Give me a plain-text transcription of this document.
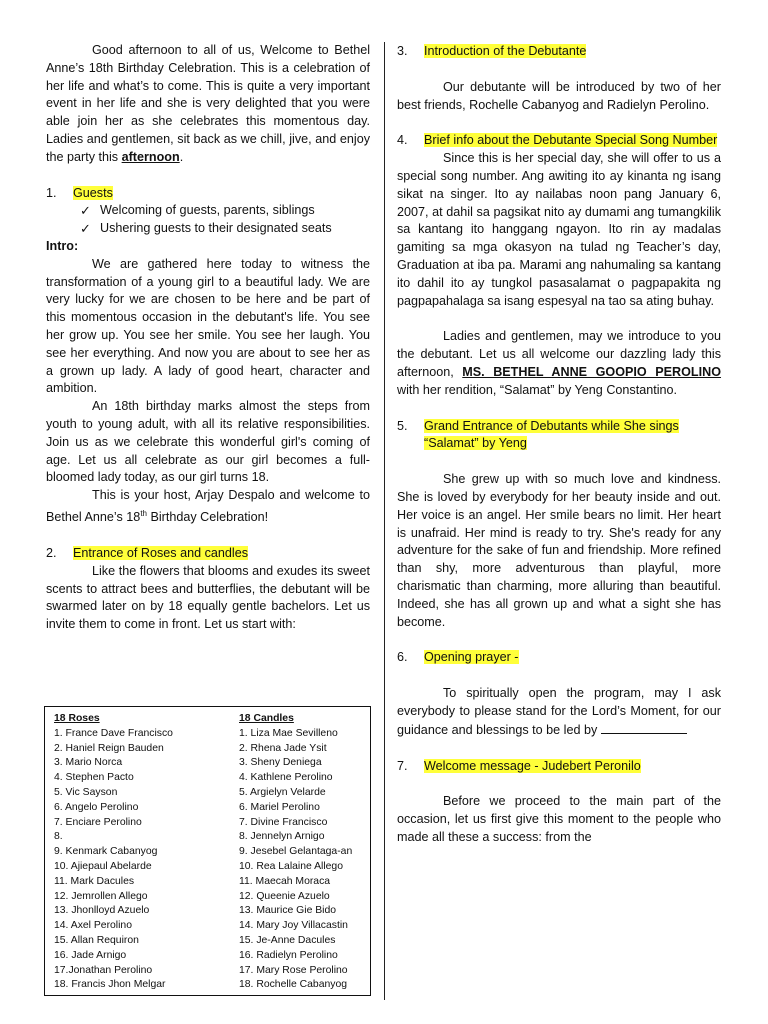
Good afternoon to all of us, Welcome to Bethel Anne’s 18th Birthday Celebration. This is a celebration of her life and what’s to come. This is quite a very important event in her life and she is very delighted that you were able join her as she celebrates this momentous day. Ladies and gentlemen, sit back as we chill, jive, and enjoy the party this afternoon.

1.	Guests
✓ Welcoming of guests, parents, siblings
✓ Ushering guests to their designated seats

Intro:

We are gathered here today to witness the transformation of a young girl to a beautiful lady. We are very lucky for we are chosen to be here and be part of this momentous occasion in the debutant's life. You see her grow up. You see her smile. You see her laugh. You see her everything. And now you are about to see her as a grown up lady. A lady of good heart, character and ambition.

An 18th birthday marks almost the steps from youth to young adult, with all its relative responsibilities. Join us as we celebrate this wonderful girl's coming of age. Let us all celebrate as our girl becomes a full-bloomed lady today, as our girl turns 18.

This is your host, Arjay Despalo and welcome to Bethel Anne’s 18th Birthday Celebration!

2.	Entrance of Roses and candles

Like the flowers that blooms and exudes its sweet scents to attract bees and butterflies, the debutant will be swarmed later on by 18 equally gentle bachelors. Let us invite them to come in front. Let us start with:

18 Roses
1. France Dave Francisco
2. Haniel Reign Bauden
3. Mario Norca
4. Stephen Pacto
5. Vic Sayson
6. Angelo Perolino
7. Enciare Perolino
8.
9. Kenmark Cabanyog
10. Ajiepaul Abelarde
11. Mark Dacules
12. Jemrollen Allego
13. Jhonlloyd Azuelo
14. Axel Perolino
15. Allan Requiron
16. Jade Arnigo
17.Jonathan Perolino
18. Francis Jhon Melgar
18 Candles
1. Liza Mae Sevilleno
2. Rhena Jade Ysit
3. Sheny Deniega
4. Kathlene Perolino
5. Argielyn Velarde
6. Mariel Perolino
7. Divine Francisco
8. Jennelyn Arnigo
9. Jesebel Gelantaga-an
10. Rea Lalaine Allego
11. Maecah Moraca
12. Queenie Azuelo
13. Maurice Gie Bido
14. Mary Joy Villacastin
15. Je-Anne Dacules
16. Radielyn Perolino
17. Mary Rose Perolino
18. Rochelle Cabanyog
3.	Introduction of the Debutante

Our debutante will be introduced by two of her best friends, Rochelle Cabanyog and Radielyn Perolino.

4.	Brief info about the Debutante Special Song Number

Since this is her special day, she will offer to us a special song number. Ang awiting ito ay kinanta ng isang sikat na singer. Ito ay nailabas noon pang January 6, 2007, at dahil sa pagsikat nito ay dumami ang tumangkilik sa kantang ito hanggang ngayon. Ito rin ay madalas gamiting sa mga okasyon na tulad ng Teacher’s day, Graduation at iba pa. Marami ang nahumaling sa kantang ito dahil ito ay tungkol pasasalamat o pagpapakita ng pagpapahalaga sa isang espesyal na tao sa ating buhay.

Ladies and gentlemen, may we introduce to you the debutant. Let us all welcome our dazzling lady this afternoon, MS. BETHEL ANNE GOOPIO PEROLINO with her rendition, “Salamat” by Yeng Constantino.

5.	Grand Entrance of Debutants while She sings “Salamat” by Yeng

She grew up with so much love and kindness. She is loved by everybody for her beauty inside and out. Her voice is an angel. Her smile bears no limit. Her heart is unafraid. Her mind is ready to try. She's ready for any adventure for the sake of fun and friendship. More refined than shy, more adventurous than playful, more charismatic than charming, more alluring than beautiful. Indeed, she has all grown up and what a sight she has become.

6.	Opening prayer -

To spiritually open the program, may I ask everybody to please stand for the Lord’s Moment, for our guidance and blessings to be led by

7.	Welcome message - Judebert Peronilo

Before we proceed to the main part of the occasion, let us first give this moment to the people who made all these a success: from the
